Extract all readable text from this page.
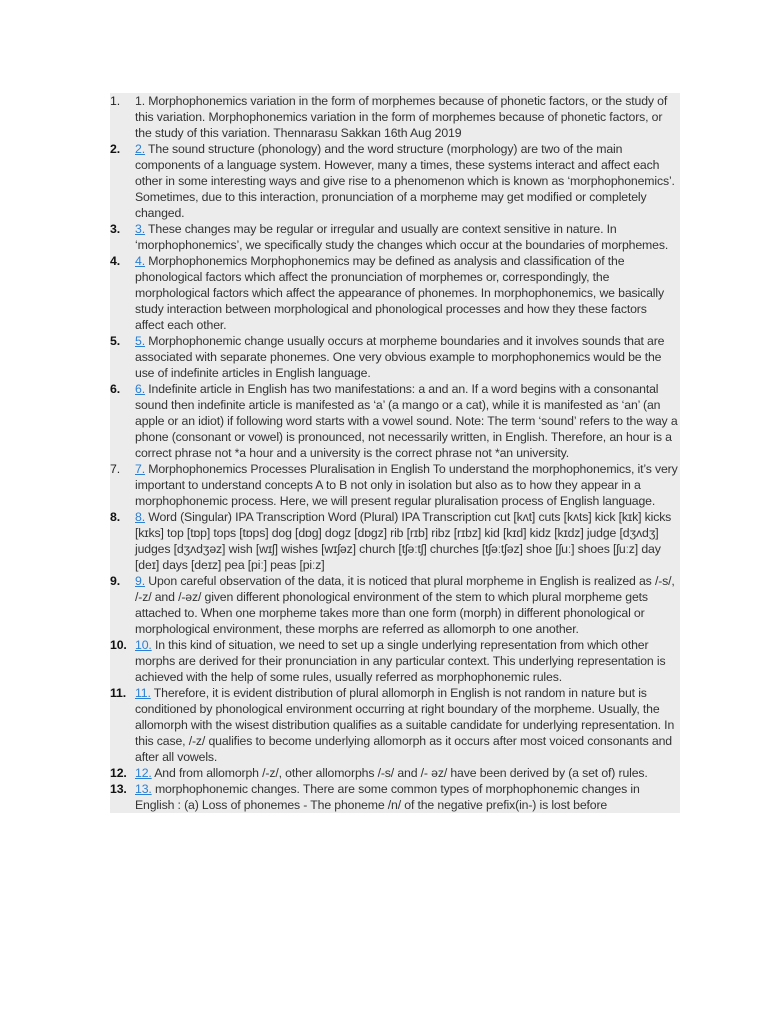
1.	1. Morphophonemics variation in the form of morphemes because of phonetic factors, or the study of this variation. Morphophonemics variation in the form of morphemes because of phonetic factors, or the study of this variation. Thennarasu Sakkan 16th Aug 2019
2.	2. The sound structure (phonology) and the word structure (morphology) are two of the main components of a language system. However, many a times, these systems interact and affect each other in some interesting ways and give rise to a phenomenon which is known as ‘morphophonemics’. Sometimes, due to this interaction, pronunciation of a morpheme may get modified or completely changed.
3.	3. These changes may be regular or irregular and usually are context sensitive in nature. In ‘morphophonemics’, we specifically study the changes which occur at the boundaries of morphemes.
4.	4. Morphophonemics Morphophonemics may be defined as analysis and classification of the phonological factors which affect the pronunciation of morphemes or, correspondingly, the morphological factors which affect the appearance of phonemes. In morphophonemics, we basically study interaction between morphological and phonological processes and how they these factors affect each other.
5.	5. Morphophonemic change usually occurs at morpheme boundaries and it involves sounds that are associated with separate phonemes. One very obvious example to morphophonemics would be the use of indefinite articles in English language.
6.	6. Indefinite article in English has two manifestations: a and an. If a word begins with a consonantal sound then indefinite article is manifested as ‘a’ (a mango or a cat), while it is manifested as ‘an’ (an apple or an idiot) if following word starts with a vowel sound. Note: The term ‘sound’ refers to the way a phone (consonant or vowel) is pronounced, not necessarily written, in English. Therefore, an hour is a correct phrase not *a hour and a university is the correct phrase not *an university.
7.	7. Morphophonemics Processes Pluralisation in English To understand the morphophonemics, it’s very important to understand concepts A to B not only in isolation but also as to how they appear in a morphophonemic process. Here, we will present regular pluralisation process of English language.
8.	8. Word (Singular) IPA Transcription Word (Plural) IPA Transcription cut [kʌt] cuts [kʌts] kick [kɪk] kicks [kɪks] top [tɒp] tops [tɒps] dog [dɒg] dogz [dɒgz] rib [rɪb] ribz [rɪbz] kid [kɪd] kidz [kɪdz] judge [dʒʌdʒ] judges [dʒʌdʒəz] wish [wɪʃ] wishes [wɪʃəz] church [tʃəːtʃ] churches [tʃəːtʃəz] shoe [ʃuː] shoes [ʃuːz] day [deɪ] days [deɪz] pea [piː] peas [piːz]
9.	9. Upon careful observation of the data, it is noticed that plural morpheme in English is realized as /-s/, /-z/ and /-əz/ given different phonological environment of the stem to which plural morpheme gets attached to. When one morpheme takes more than one form (morph) in different phonological or morphological environment, these morphs are referred as allomorph to one another.
10. 10. In this kind of situation, we need to set up a single underlying representation from which other morphs are derived for their pronunciation in any particular context. This underlying representation is achieved with the help of some rules, usually referred as morphophonemic rules.
11. 11. Therefore, it is evident distribution of plural allomorph in English is not random in nature but is conditioned by phonological environment occurring at right boundary of the morpheme. Usually, the allomorph with the wisest distribution qualifies as a suitable candidate for underlying representation. In this case, /-z/ qualifies to become underlying allomorph as it occurs after most voiced consonants and after all vowels.
12. 12. And from allomorph /-z/, other allomorphs /-s/ and /- əz/ have been derived by (a set of) rules.
13. 13. morphophonemic changes. There are some common types of morphophonemic changes in English : (a) Loss of phonemes - The phoneme /n/ of the negative prefix(in-) is lost before
